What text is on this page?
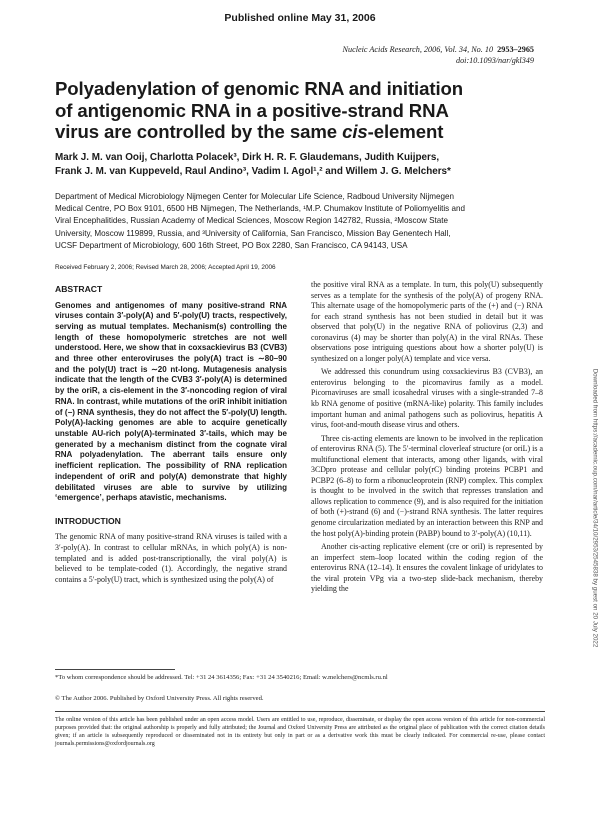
Published online May 31, 2006
Nucleic Acids Research, 2006, Vol. 34, No. 10 2953–2965
doi:10.1093/nar/gkl349
Polyadenylation of genomic RNA and initiation
of antigenomic RNA in a positive-strand RNA
virus are controlled by the same cis-element
Mark J. M. van Ooij, Charlotta Polacek³, Dirk H. R. F. Glaudemans, Judith Kuijpers,
Frank J. M. van Kuppeveld, Raul Andino³, Vadim I. Agol¹,² and Willem J. G. Melchers*
Department of Medical Microbiology Nijmegen Center for Molecular Life Science, Radboud University Nijmegen
Medical Centre, PO Box 9101, 6500 HB Nijmegen, The Netherlands, ¹M.P. Chumakov Institute of Poliomyelitis and
Viral Encephalitides, Russian Academy of Medical Sciences, Moscow Region 142782, Russia, ²Moscow State
University, Moscow 119899, Russia, and ³University of California, San Francisco, Mission Bay Genentech Hall,
UCSF Department of Microbiology, 600 16th Street, PO Box 2280, San Francisco, CA 94143, USA
Received February 2, 2006; Revised March 28, 2006; Accepted April 19, 2006
ABSTRACT

Genomes and antigenomes of many positive-strand RNA viruses contain 3′-poly(A) and 5′-poly(U) tracts, respectively, serving as mutual templates. Mechanism(s) controlling the length of these homopolymeric stretches are not well understood. Here, we show that in coxsackievirus B3 (CVB3) and three other enteroviruses the poly(A) tract is ∼80–90 and the poly(U) tract is ∼20 nt-long. Mutagenesis analysis indicate that the length of the CVB3 3′-poly(A) is determined by the oriR, a cis-element in the 3′-noncoding region of viral RNA. In contrast, while mutations of the oriR inhibit initiation of (−) RNA synthesis, they do not affect the 5′-poly(U) length. Poly(A)-lacking genomes are able to acquire genetically unstable AU-rich poly(A)-terminated 3′-tails, which may be generated by a mechanism distinct from the cognate viral RNA polyadenylation. The aberrant tails ensure only inefficient replication. The possibility of RNA replication independent of oriR and poly(A) demonstrate that highly debilitated viruses are able to survive by utilizing ‘emergence’, perhaps atavistic, mechanisms.

INTRODUCTION

The genomic RNA of many positive-strand RNA viruses is tailed with a 3′-poly(A). In contrast to cellular mRNAs, in which poly(A) is non-templated and is added post-transcriptionally, the viral poly(A) is believed to be template-coded (1). Accordingly, the negative strand contains a 5′-poly(U) tract, which is synthesized using the poly(A) of

the positive viral RNA as a template. In turn, this poly(U) subsequently serves as a template for the synthesis of the poly(A) of progeny RNA. This alternate usage of the homopolymeric parts of the (+) and (−) RNA for each strand synthesis has not been studied in detail but it was observed that poly(U) in the negative RNA of poliovirus (2,3) and coronavirus (4) may be shorter than poly(A) in the viral RNAs. These observations pose intriguing questions about how a shorter poly(U) is synthesized on a longer poly(A) template and vice versa.

We addressed this conundrum using coxsackievirus B3 (CVB3), an enterovirus belonging to the picornavirus family as a model. Picornaviruses are small icosahedral viruses with a single-stranded 7–8 kb RNA genome of positive (mRNA-like) polarity. This family includes important human and animal pathogens such as poliovirus, hepatitis A virus, foot-and-mouth disease virus and others.

Three cis-acting elements are known to be involved in the replication of enterovirus RNA (5). The 5′-terminal cloverleaf structure (or oriL) is a multifunctional element that interacts, among other ligands, with viral 3CDpro protease and cellular poly(rC) binding proteins PCBP1 and PCBP2 (6–8) to form a ribonucleoprotein (RNP) complex. This complex is thought to be involved in the switch that represses translation and allows replication to commence (9), and is also required for the initiation of both (+)-strand (6) and (−)-strand RNA synthesis. The latter requires genome circularization mediated by an interaction between this RNP and the host poly(A)-binding protein (PABP) bound to 3′-poly(A) (10,11).

Another cis-acting replicative element (cre or oriI) is represented by an imperfect stem–loop located within the coding region of the enterovirus RNA (12–14). It ensures the covalent linkage of uridylates to the viral protein VPg via a two-step slide-back mechanism, thereby yielding the

*To whom correspondence should be addressed. Tel: +31 24 3614356; Fax: +31 24 3540216; Email: w.melchers@ncmls.ru.nl
© The Author 2006. Published by Oxford University Press. All rights reserved.
The online version of this article has been published under an open access model. Users are entitled to use, reproduce, disseminate, or display the open access version of this article for non-commercial purposes provided that: the original authorship is properly and fully attributed; the Journal and Oxford University Press are attributed as the original place of publication with the correct citation details given; if an article is subsequently reproduced or disseminated not in its entirety but only in part or as a derivative work this must be clearly indicated. For commercial re-use, please contact journals.permissions@oxfordjournals.org
Downloaded from https://academic.oup.com/nar/article/34/10/2953/2545838 by guest on 20 July 2022
